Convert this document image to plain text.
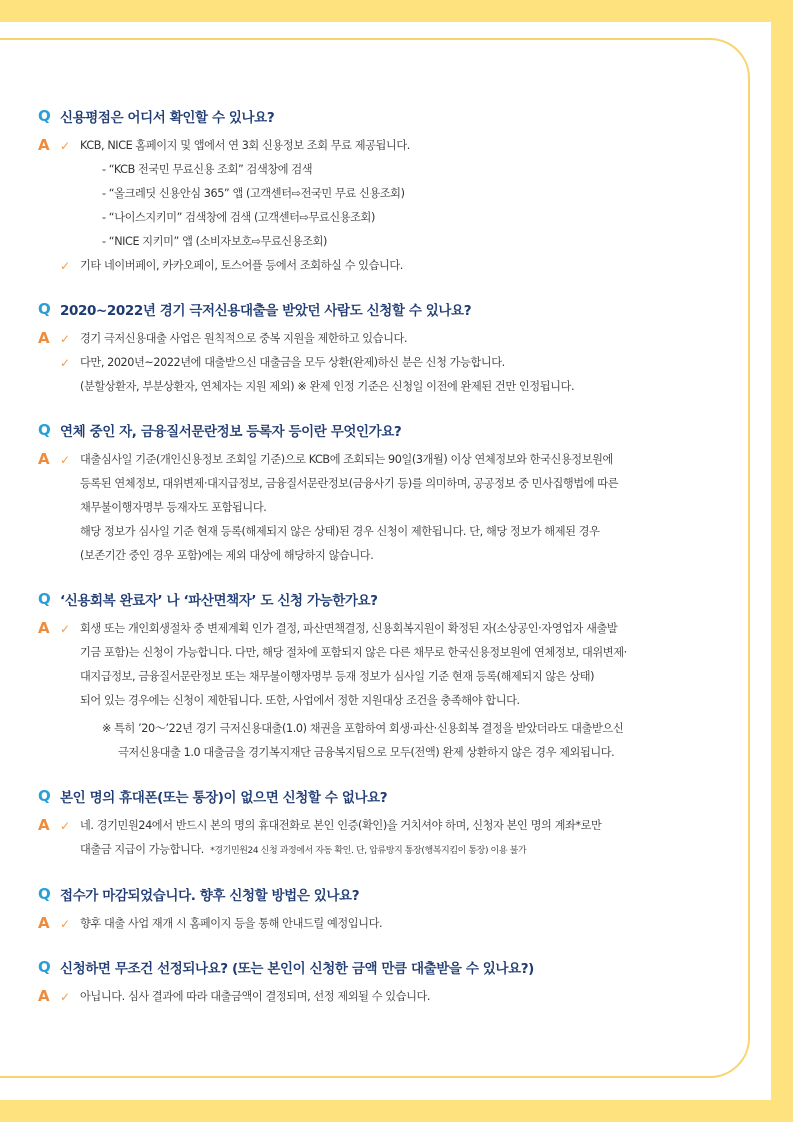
Q 신용평점은 어디서 확인할 수 있나요?
A ✓ KCB, NICE 홈페이지 및 앱에서 연 3회 신용정보 조회 무료 제공됩니다.
- “KCB 전국민 무료신용 조회” 검색창에 검색
- “올크레딧 신용안심 365” 앱 (고객센터⇨전국민 무료 신용조회)
- “나이스지키미” 검색창에 검색 (고객센터⇨무료신용조회)
- “NICE 지키미” 앱 (소비자보호⇨무료신용조회)
✓ 기타 네이버페이, 카카오페이, 토스어플 등에서 조회하실 수 있습니다.
Q 2020~2022년 경기 극저신용대출을 받았던 사람도 신청할 수 있나요?
A ✓ 경기 극저신용대출 사업은 원칙적으로 중복 지원을 제한하고 있습니다.
✓ 다만, 2020년~2022년에 대출받으신 대출금을 모두 상환(완제)하신 분은 신청 가능합니다.
(분할상환자, 부분상환자, 연체자는 지원 제외) ※ 완제 인정 기준은 신청일 이전에 완제된 건만 인정됩니다.
Q 연체 중인 자, 금융질서문란정보 등록자 등이란 무엇인가요?
A ✓ 대출심사일 기준(개인신용정보 조회일 기준)으로 KCB에 조회되는 90일(3개월) 이상 연체정보와 한국신용정보원에
등록된 연체정보, 대위변제·대지급정보, 금융질서문란정보(금융사기 등)를 의미하며, 공공정보 중 민사집행법에 따른
채무불이행자명부 등재자도 포함됩니다.
해당 정보가 심사일 기준 현재 등록(해제되지 않은 상태)된 경우 신청이 제한됩니다. 단, 해당 정보가 해제된 경우
(보존기간 중인 경우 포함)에는 제외 대상에 해당하지 않습니다.
Q ‘신용회복 완료자’ 나 ‘파산면책자’ 도 신청 가능한가요?
A ✓ 회생 또는 개인회생절차 중 변제계획 인가 결정, 파산면책결정, 신용회복지원이 확정된 자(소상공인·자영업자 새출발
기금 포함)는 신청이 가능합니다. 다만, 해당 절차에 포함되지 않은 다른 채무로 한국신용정보원에 연체정보, 대위변제·
대지급정보, 금융질서문란정보 또는 채무불이행자명부 등재 정보가 심사일 기준 현재 등록(해제되지 않은 상태)
되어 있는 경우에는 신청이 제한됩니다. 또한, 사업에서 정한 지원대상 조건을 충족해야 합니다.
※ 특히 ’20～’22년 경기 극저신용대출(1.0) 채권을 포함하여 회생·파산·신용회복 결정을 받았더라도 대출받으신
극저신용대출 1.0 대출금을 경기복지재단 금융복지팀으로 모두(전액) 완제 상환하지 않은 경우 제외됩니다.
Q 본인 명의 휴대폰(또는 통장)이 없으면 신청할 수 없나요?
A ✓ 네. 경기민원24에서 반드시 본의 명의 휴대전화로 본인 인증(확인)을 거치셔야 하며, 신청자 본인 명의 계좌*로만
대출금 지급이 가능합니다. *경기민원24 신청 과정에서 자동 확인. 단, 압류방지 통장(행복지킴이 통장) 이용 불가
Q 접수가 마감되었습니다. 향후 신청할 방법은 있나요?
A ✓ 향후 대출 사업 재개 시 홈페이지 등을 통해 안내드릴 예정입니다.
Q 신청하면 무조건 선정되나요? (또는 본인이 신청한 금액 만큼 대출받을 수 있나요?)
A ✓ 아닙니다. 심사 결과에 따라 대출금액이 결정되며, 선정 제외될 수 있습니다.
